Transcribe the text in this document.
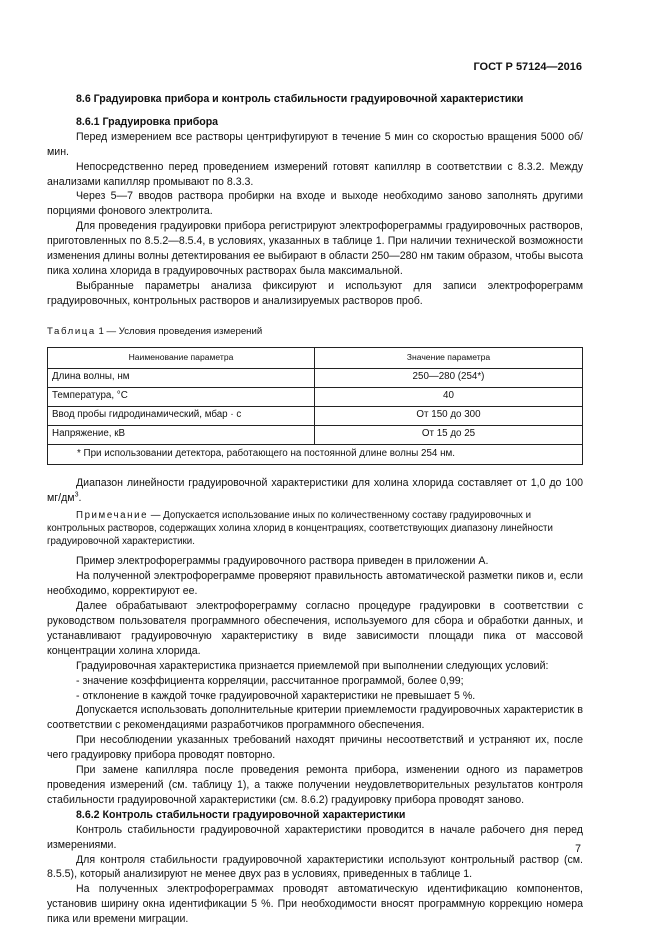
ГОСТ Р 57124—2016
8.6 Градуировка прибора и контроль стабильности градуировочной характеристики
8.6.1 Градуировка прибора

Перед измерением все растворы центрифугируют в течение 5 мин со скоростью вращения 5000 об/мин.

Непосредственно перед проведением измерений готовят капилляр в соответствии с 8.3.2. Между анализами капилляр промывают по 8.3.3.

Через 5—7 вводов раствора пробирки на входе и выходе необходимо заново заполнять другими порциями фонового электролита.

Для проведения градуировки прибора регистрируют электрофореграммы градуировочных растворов, приготовленных по 8.5.2—8.5.4, в условиях, указанных в таблице 1. При наличии технической возможности изменения длины волны детектирования ее выбирают в области 250—280 нм таким образом, чтобы высота пика холина хлорида в градуировочных растворах была максимальной.

Выбранные параметры анализа фиксируют и используют для записи электрофореграмм градуировочных, контрольных растворов и анализируемых растворов проб.

Таблица 1 — Условия проведения измерений
Наименование параметра	Значение параметра
Длина волны, нм	250—280 (254*)
Температура, °С	40
Ввод пробы гидродинамический, мбар · с	От 150 до 300
Напряжение, кВ	От 15 до 25
* При использовании детектора, работающего на постоянной длине волны 254 нм.	

Диапазон линейности градуировочной характеристики для холина хлорида составляет от 1,0 до 100 $мг/дм^3$.

Примечание — Допускается использование иных по количественному составу градуировочных и контрольных растворов, содержащих холина хлорид в концентрациях, соответствующих диапазону линейности градуировочной характеристики.

Пример электрофореграммы градуировочного раствора приведен в приложении А.

На полученной электрофореграмме проверяют правильность автоматической разметки пиков и, если необходимо, корректируют ее.

Далее обрабатывают электрофореграмму согласно процедуре градуировки в соответствии с руководством пользователя программного обеспечения, используемого для сбора и обработки данных, и устанавливают градуировочную характеристику в виде зависимости площади пика от массовой концентрации холина хлорида.

Градуировочная характеристика признается приемлемой при выполнении следующих условий:

- значение коэффициента корреляции, рассчитанное программой, более 0,99;

- отклонение в каждой точке градуировочной характеристики не превышает 5 %.

Допускается использовать дополнительные критерии приемлемости градуировочных характеристик в соответствии с рекомендациями разработчиков программного обеспечения.

При несоблюдении указанных требований находят причины несоответствий и устраняют их, после чего градуировку прибора проводят повторно.

При замене капилляра после проведения ремонта прибора, изменении одного из параметров проведения измерений (см. таблицу 1), а также получении неудовлетворительных результатов контроля стабильности градуировочной характеристики (см. 8.6.2) градуировку прибора проводят заново.

8.6.2 Контроль стабильности градуировочной характеристики

Контроль стабильности градуировочной характеристики проводится в начале рабочего дня перед измерениями.

Для контроля стабильности градуировочной характеристики используют контрольный раствор (см. 8.5.5), который анализируют не менее двух раз в условиях, приведенных в таблице 1.

На полученных электрофореграммах проводят автоматическую идентификацию компонентов, установив ширину окна идентификации 5 %. При необходимости вносят программную коррекцию номера пика или времени миграции.

7
